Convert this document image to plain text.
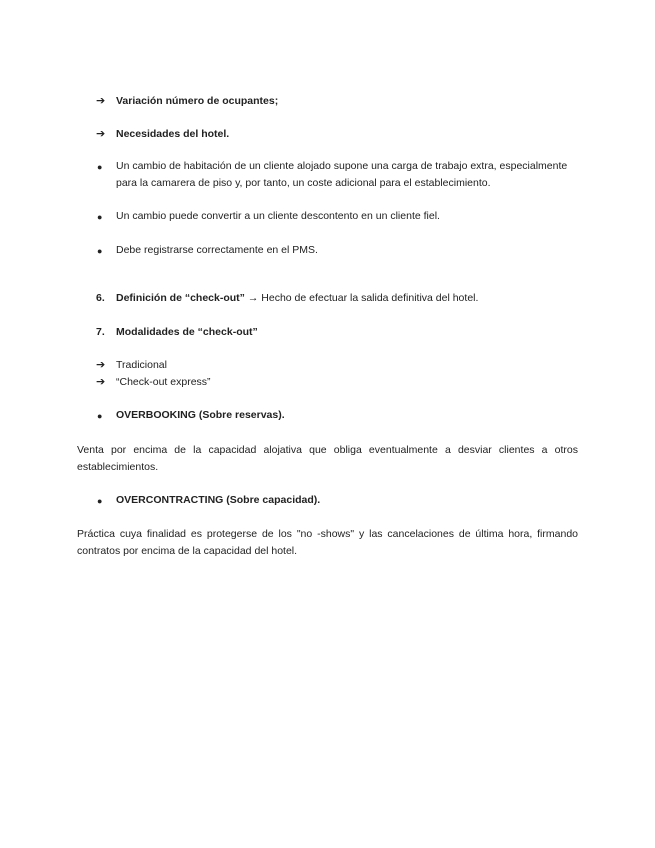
➔ Variación número de ocupantes;
➔ Necesidades del hotel.
● Un cambio de habitación de un cliente alojado supone una carga de trabajo extra, especialmente para la camarera de piso y, por tanto, un coste adicional para el establecimiento.
● Un cambio puede convertir a un cliente descontento en un cliente fiel.
● Debe registrarse correctamente en el PMS.
6. Definición de “check-out” → Hecho de efectuar la salida definitiva del hotel.
7. Modalidades de “check-out”
➔ Tradicional
➔ “Check-out express”
● OVERBOOKING (Sobre reservas).
Venta por encima de la capacidad alojativa que obliga eventualmente a desviar clientes a otros establecimientos.
● OVERCONTRACTING (Sobre capacidad).
Práctica cuya finalidad es protegerse de los "no -shows" y las cancelaciones de última hora, firmando contratos por encima de la capacidad del hotel.
